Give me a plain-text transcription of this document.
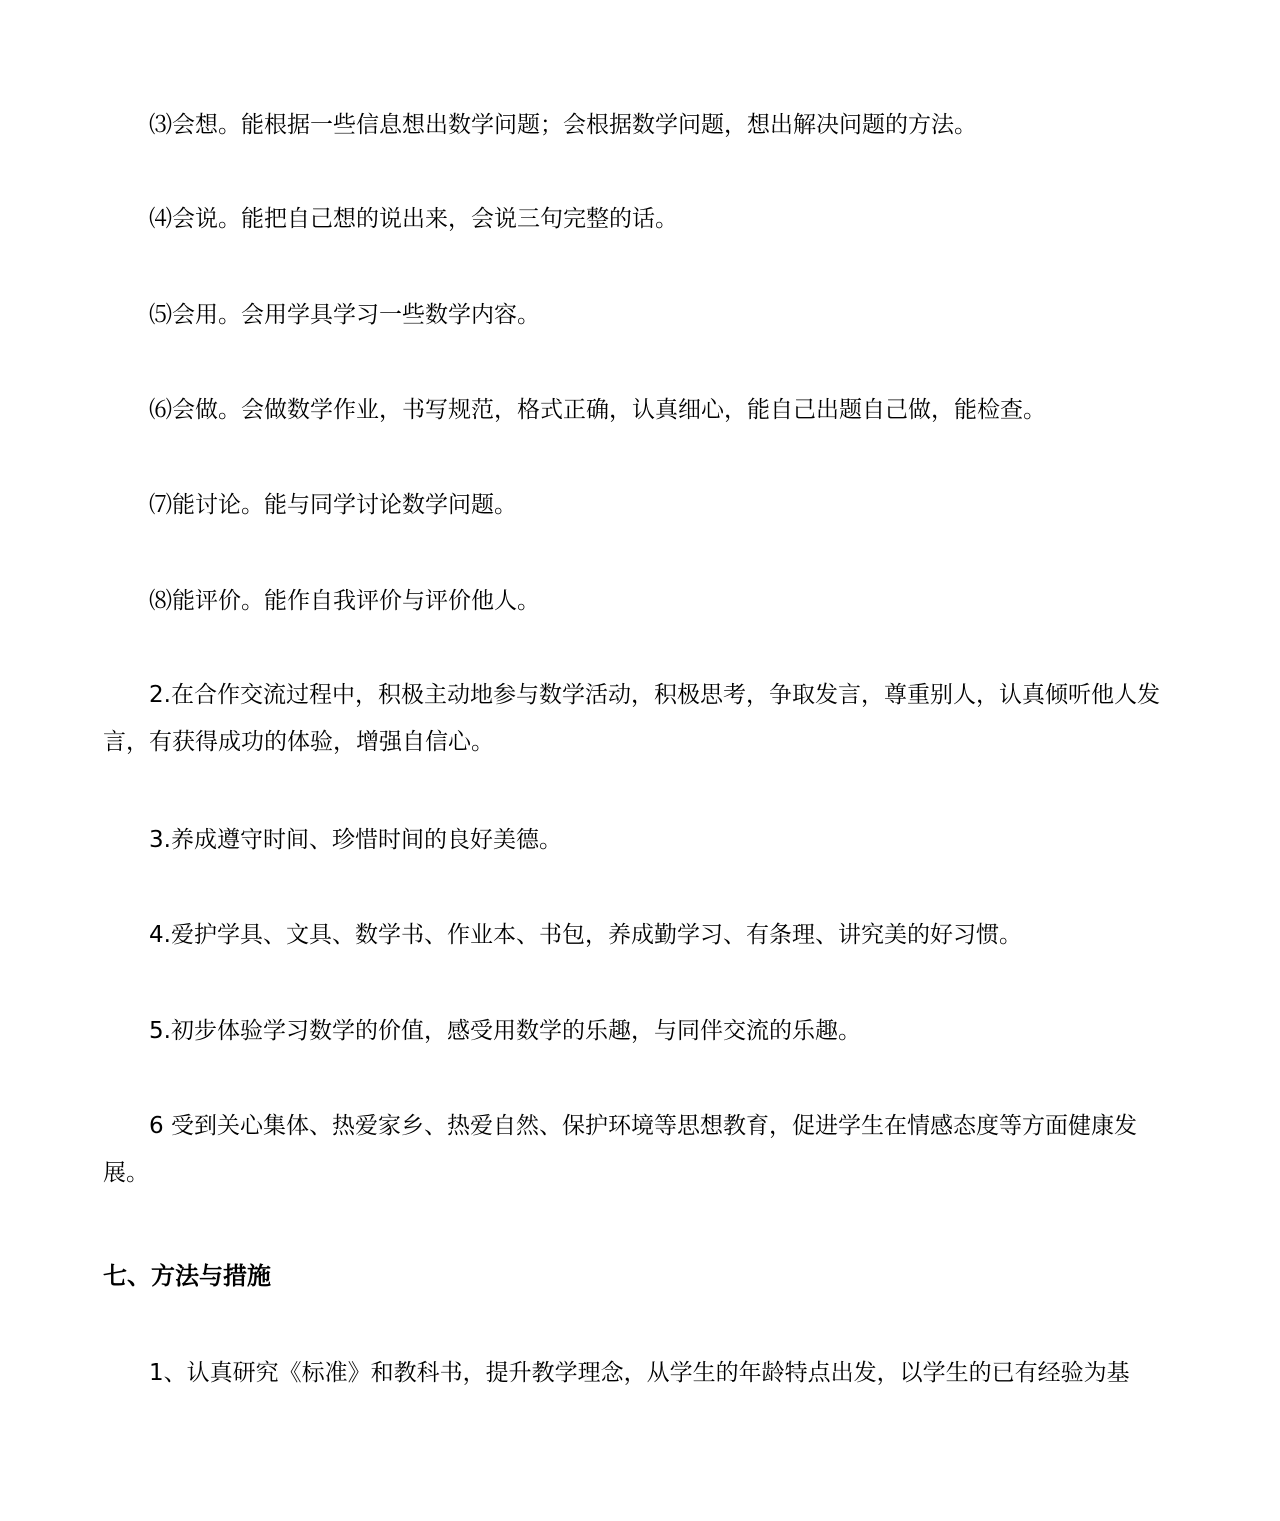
⑶会想。能根据一些信息想出数学问题；会根据数学问题，想出解决问题的方法。

⑷会说。能把自己想的说出来，会说三句完整的话。

⑸会用。会用学具学习一些数学内容。

⑹会做。会做数学作业，书写规范，格式正确，认真细心，能自己出题自己做，能检查。

⑺能讨论。能与同学讨论数学问题。

⑻能评价。能作自我评价与评价他人。

2.在合作交流过程中，积极主动地参与数学活动，积极思考，争取发言，尊重别人，认真倾听他人发言，有获得成功的体验，增强自信心。

3.养成遵守时间、珍惜时间的良好美德。

4.爱护学具、文具、数学书、作业本、书包，养成勤学习、有条理、讲究美的好习惯。

5.初步体验学习数学的价值，感受用数学的乐趣，与同伴交流的乐趣。

6 受到关心集体、热爱家乡、热爱自然、保护环境等思想教育，促进学生在情感态度等方面健康发展。

七、方法与措施

1、认真研究《标准》和教科书，提升教学理念，从学生的年龄特点出发，以学生的已有经验为基
